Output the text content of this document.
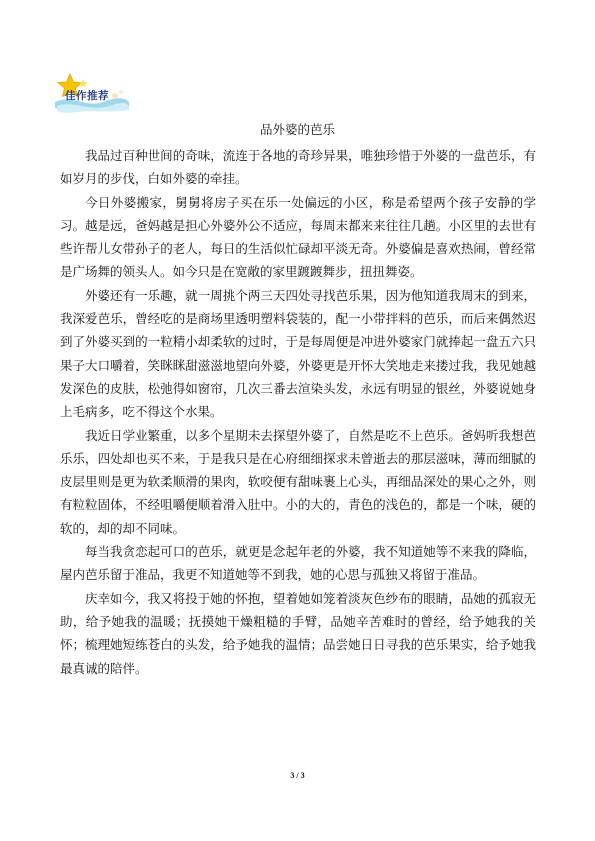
佳作推荐
品外婆的芭乐

我品过百种世间的奇味，流连于各地的奇珍异果，唯独珍惜于外婆的一盘芭乐，有如岁月的步伐，白如外婆的牵挂。

今日外婆搬家，舅舅将房子买在乐一处偏远的小区，称是希望两个孩子安静的学习。越是远，爸妈越是担心外婆外公不适应，每周末都来来往往几趟。小区里的去世有些许帮儿女带孙子的老人，每日的生活似忙碌却平淡无奇。外婆偏是喜欢热闹，曾经常是广场舞的领头人。如今只是在宽敞的家里踱踱舞步，扭扭舞姿。

外婆还有一乐趣，就一周挑个两三天四处寻找芭乐果，因为他知道我周末的到来，我深爱芭乐，曾经吃的是商场里透明塑料袋装的，配一小带拌料的芭乐，而后来偶然迟到了外婆买到的一粒精小却柔软的过时，于是每周便是冲进外婆家门就捧起一盘五六只果子大口嚼着，笑眯眯甜滋滋地望向外婆，外婆更是开怀大笑地走来搂过我，我见她越发深色的皮肤，松弛得如窗帘，几次三番去渲染头发，永远有明显的银丝，外婆说她身上毛病多，吃不得这个水果。

我近日学业繁重，以多个星期未去探望外婆了，自然是吃不上芭乐。爸妈听我想芭乐乐，四处却也买不来，于是我只是在心府细细探求未曾逝去的那层滋味，薄而细腻的皮层里则是更为软柔顺滑的果肉，软咬便有甜味裹上心头，再细品深处的果心之外，则有粒粒固体，不经咀嚼便顺着滑入肚中。小的大的，青色的浅色的，都是一个味，硬的软的，却的却不同味。

每当我贪恋起可口的芭乐，就更是念起年老的外婆，我不知道她等不来我的降临，屋内芭乐留于准品，我更不知道她等不到我，她的心思与孤独又将留于准品。

庆幸如今，我又将投于她的怀抱，望着她如笼着淡灰色纱布的眼睛，品她的孤寂无助，给予她我的温暖；抚摸她干燥粗糙的手臂，品她辛苦难时的曾经，给予她我的关怀；梳理她短练苍白的头发，给予她我的温情；品尝她日日寻我的芭乐果实，给予她我最真诚的陪伴。

3 / 3
